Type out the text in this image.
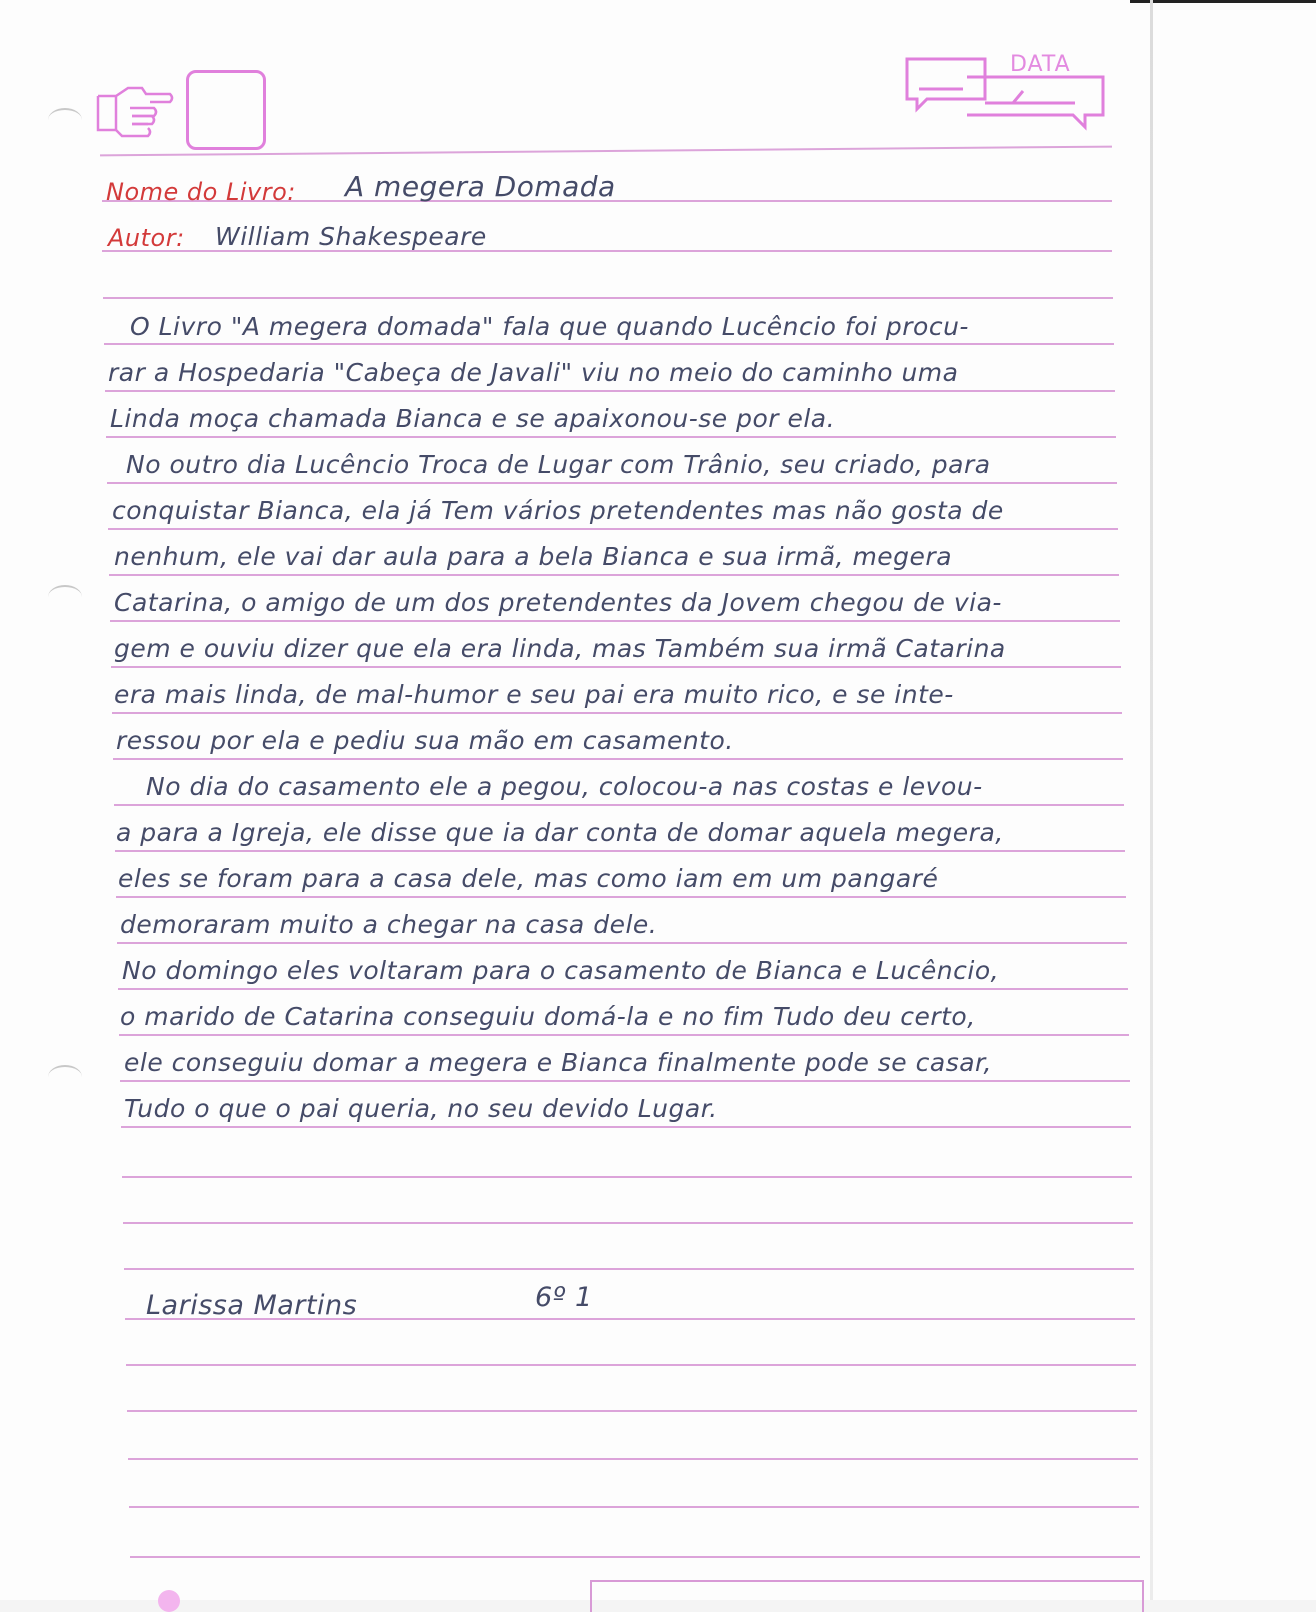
DATA
Nome do Livro: A megera Domada
Autor: William Shakespeare
O Livro "A megera domada" fala que quando Lucêncio foi procu-
rar a Hospedaria "Cabeça de Javali" viu no meio do caminho uma
Linda moça chamada Bianca e se apaixonou-se por ela.
No outro dia Lucêncio Troca de Lugar com Trânio, seu criado, para
conquistar Bianca, ela já Tem vários pretendentes mas não gosta de
nenhum, ele vai dar aula para a bela Bianca e sua irmã, megera
Catarina, o amigo de um dos pretendentes da Jovem chegou de via-
gem e ouviu dizer que ela era linda, mas Também sua irmã Catarina
era mais linda, de mal-humor e seu pai era muito rico, e se inte-
ressou por ela e pediu sua mão em casamento.
No dia do casamento ele a pegou, colocou-a nas costas e levou-
a para a Igreja, ele disse que ia dar conta de domar aquela megera,
eles se foram para a casa dele, mas como iam em um pangaré
demoraram muito a chegar na casa dele.
No domingo eles voltaram para o casamento de Bianca e Lucêncio,
o marido de Catarina conseguiu domá-la e no fim Tudo deu certo,
ele conseguiu domar a megera e Bianca finalmente pode se casar,
Tudo o que o pai queria, no seu devido Lugar.
Larissa Martins	6º 1
